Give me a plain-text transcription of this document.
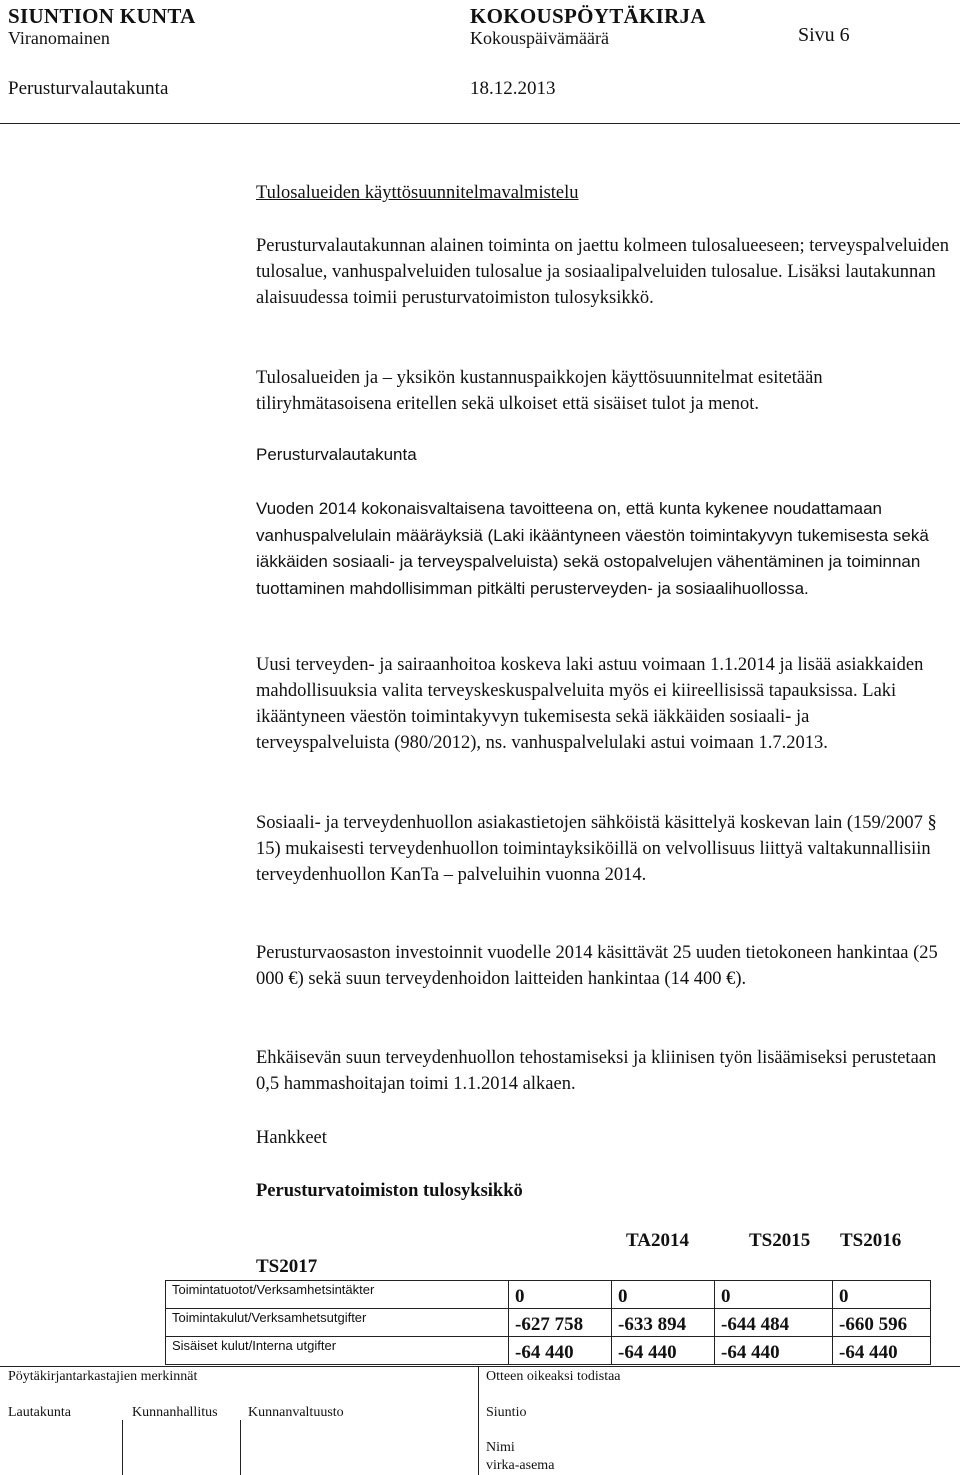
SIUNTION KUNTA	KOKOUSPÖYTÄKIRJA
Viranomainen	Kokouspäivämäärä	Sivu 6
Perusturvalautakunta	18.12.2013
Tulosalueiden käyttösuunnitelmavalmistelu
Perusturvalautakunnan alainen toiminta on jaettu kolmeen tulosalueeseen; terveyspalveluiden tulosalue, vanhuspalveluiden tulosalue ja sosiaalipalveluiden tulosalue. Lisäksi lautakunnan alaisuudessa toimii perusturvatoimiston tulosyksikkö.
Tulosalueiden ja – yksikön kustannuspaikkojen käyttösuunnitelmat esitetään tiliryhmätasoisena eritellen sekä ulkoiset että sisäiset tulot ja menot.
Perusturvalautakunta
Vuoden 2014 kokonaisvaltaisena tavoitteena on, että kunta kykenee noudattamaan vanhuspalvelulain määräyksiä (Laki ikääntyneen väestön toimintakyvyn tukemisesta sekä iäkkäiden sosiaali- ja terveyspalveluista) sekä ostopalvelujen vähentäminen ja toiminnan tuottaminen mahdollisimman pitkälti perusterveyden- ja sosiaalihuollossa.
Uusi terveyden- ja sairaanhoitoa koskeva laki astuu voimaan 1.1.2014 ja lisää asiakkaiden mahdollisuuksia valita terveyskeskuspalveluita myös ei kiireellisissä tapauksissa. Laki ikääntyneen väestön toimintakyvyn tukemisesta sekä iäkkäiden sosiaali- ja terveyspalveluista (980/2012), ns. vanhuspalvelulaki astui voimaan 1.7.2013.
Sosiaali- ja terveydenhuollon asiakastietojen sähköistä käsittelyä koskevan lain (159/2007 § 15) mukaisesti terveydenhuollon toimintayksiköillä on velvollisuus liittyä valtakunnallisiin terveydenhuollon KanTa – palveluihin vuonna 2014.
Perusturvaosaston investoinnit vuodelle 2014 käsittävät 25 uuden tietokoneen hankintaa (25 000 €) sekä suun terveydenhoidon laitteiden hankintaa (14 400 €).
Ehkäisevän suun terveydenhuollon tehostamiseksi ja kliinisen työn lisäämiseksi perustetaan 0,5 hammashoitajan toimi 1.1.2014 alkaen.
Hankkeet
Perusturvatoimiston tulosyksikkö
TA2014	TS2015 TS2016
TS2017
Toimintatuotot/Verksamhetsintäkter	0	0	0	0
Toimintakulut/Verksamhetsutgifter	-627 758	-633 894	-644 484	-660 596
Sisäiset kulut/Interna utgifter	-64 440	-64 440	-64 440	-64 440
Pöytäkirjantarkastajien merkinnät	Otteen oikeaksi todistaa
Lautakunta	Kunnanhallitus Kunnanvaltuusto	Siuntio
Nimi
virka-asema
